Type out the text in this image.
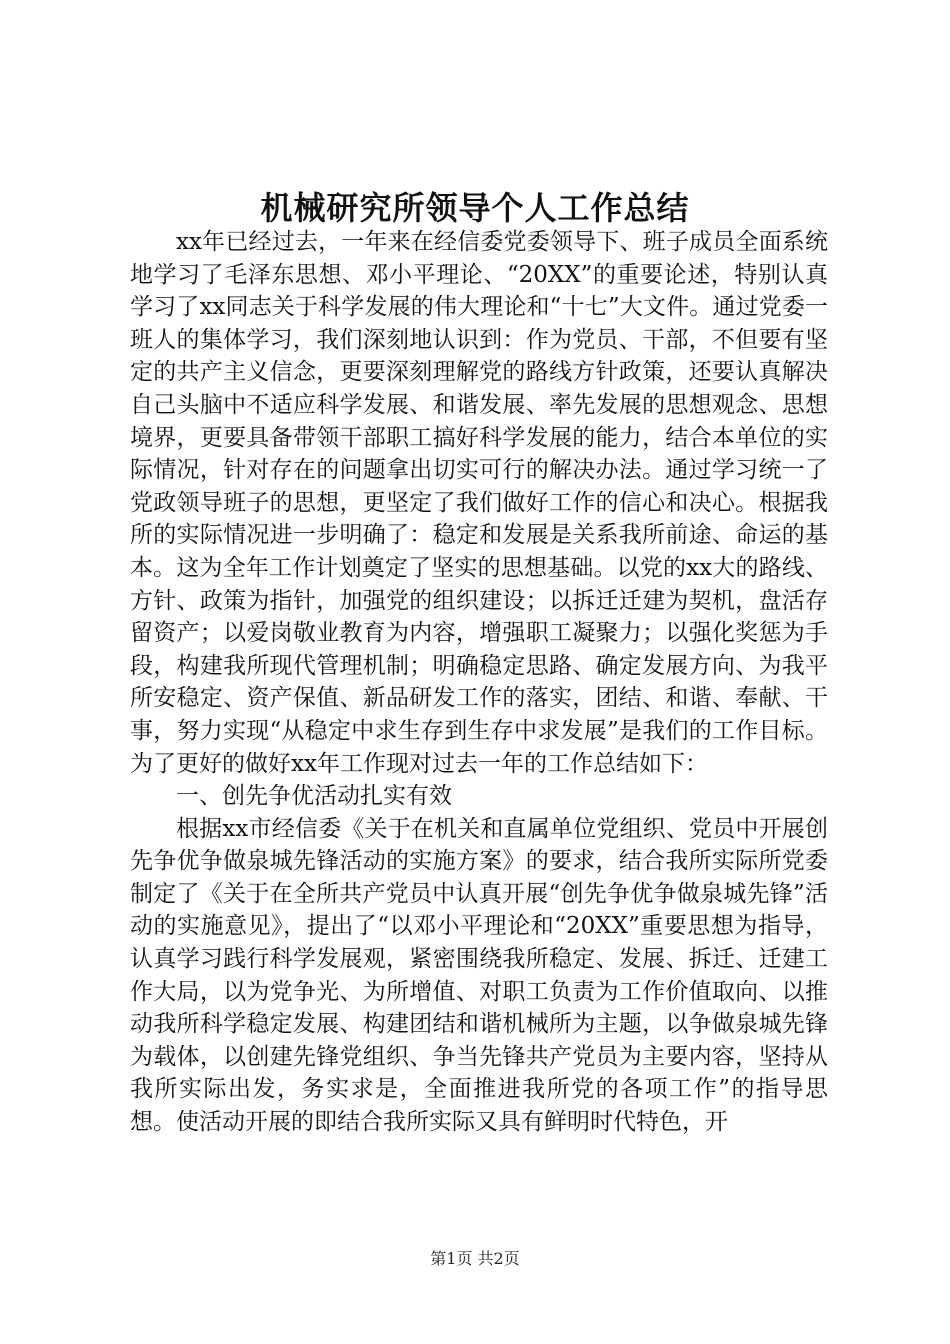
机械研究所领导个人工作总结

xx年已经过去，一年来在经信委党委领导下、班子成员全面系统地学习了毛泽东思想、邓小平理论、“20XX”的重要论述，特别认真学习了xx同志关于科学发展的伟大理论和“十七”大文件。通过党委一班人的集体学习，我们深刻地认识到：作为党员、干部，不但要有坚定的共产主义信念，更要深刻理解党的路线方针政策，还要认真解决自己头脑中不适应科学发展、和谐发展、率先发展的思想观念、思想境界，更要具备带领干部职工搞好科学发展的能力，结合本单位的实际情况，针对存在的问题拿出切实可行的解决办法。通过学习统一了党政领导班子的思想，更坚定了我们做好工作的信心和决心。根据我所的实际情况进一步明确了：稳定和发展是关系我所前途、命运的基本。这为全年工作计划奠定了坚实的思想基础。以党的xx大的路线、方针、政策为指针，加强党的组织建设；以拆迁迁建为契机，盘活存留资产；以爱岗敬业教育为内容，增强职工凝聚力；以强化奖惩为手段，构建我所现代管理机制；明确稳定思路、确定发展方向、为我平所安稳定、资产保值、新品研发工作的落实，团结、和谐、奉献、干事，努力实现“从稳定中求生存到生存中求发展”是我们的工作目标。为了更好的做好xx年工作现对过去一年的工作总结如下：

一、创先争优活动扎实有效

根据xx市经信委《关于在机关和直属单位党组织、党员中开展创先争优争做泉城先锋活动的实施方案》的要求，结合我所实际所党委制定了《关于在全所共产党员中认真开展“创先争优争做泉城先锋”活动的实施意见》，提出了“以邓小平理论和“20XX”重要思想为指导，认真学习践行科学发展观，紧密围绕我所稳定、发展、拆迁、迁建工作大局，以为党争光、为所增值、对职工负责为工作价值取向、以推动我所科学稳定发展、构建团结和谐机械所为主题，以争做泉城先锋为载体，以创建先锋党组织、争当先锋共产党员为主要内容，坚持从我所实际出发，务实求是，全面推进我所党的各项工作”的指导思想。使活动开展的即结合我所实际又具有鲜明时代特色，开

第1页 共2页
